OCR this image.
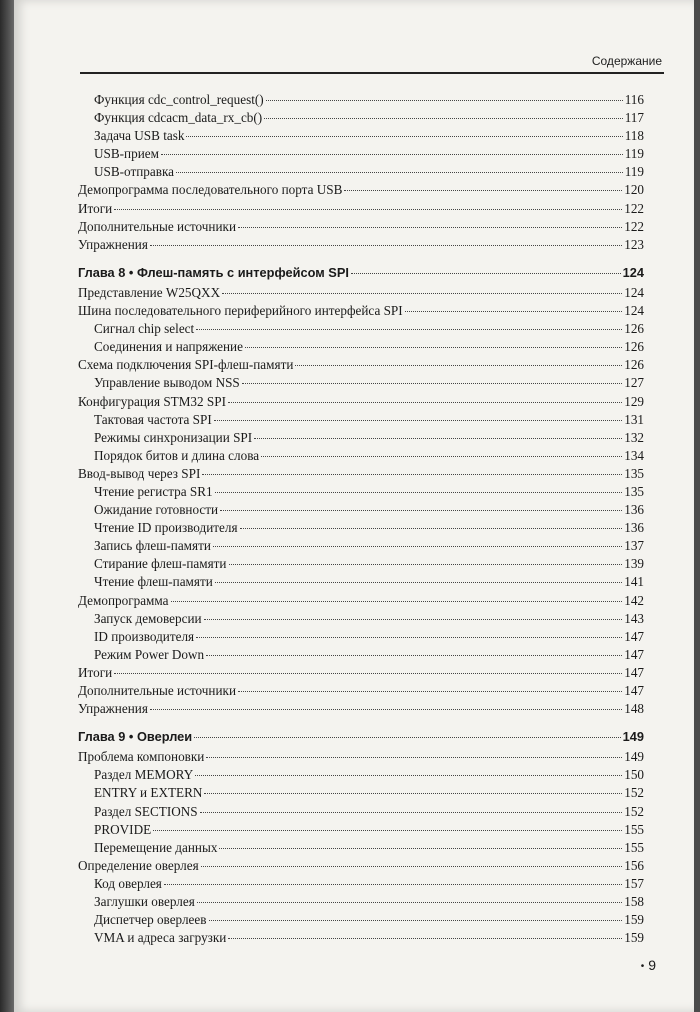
Содержание
Функция cdc_control_request()	116
Функция cdcacm_data_rx_cb()	117
Задача USB task	118
USB-прием	119
USB-отправка	119
Демопрограмма последовательного порта USB	120
Итоги	122
Дополнительные источники	122
Упражнения	123
Глава 8 • Флеш-память с интерфейсом SPI	124
Представление W25QXX	124
Шина последовательного периферийного интерфейса SPI	124
Сигнал chip select	126
Соединения и напряжение	126
Схема подключения SPI-флеш-памяти	126
Управление выводом NSS	127
Конфигурация STM32 SPI	129
Тактовая частота SPI	131
Режимы синхронизации SPI	132
Порядок битов и длина слова	134
Ввод-вывод через SPI	135
Чтение регистра SR1	135
Ожидание готовности	136
Чтение ID производителя	136
Запись флеш-памяти	137
Стирание флеш-памяти	139
Чтение флеш-памяти	141
Демопрограмма	142
Запуск демоверсии	143
ID производителя	147
Режим Power Down	147
Итоги	147
Дополнительные источники	147
Упражнения	148
Глава 9 • Оверлеи	149
Проблема компоновки	149
Раздел MEMORY	150
ENTRY и EXTERN	152
Раздел SECTIONS	152
PROVIDE	155
Перемещение данных	155
Определение оверлея	156
Код оверлея	157
Заглушки оверлея	158
Диспетчер оверлеев	159
VMA и адреса загрузки	159
• 9
